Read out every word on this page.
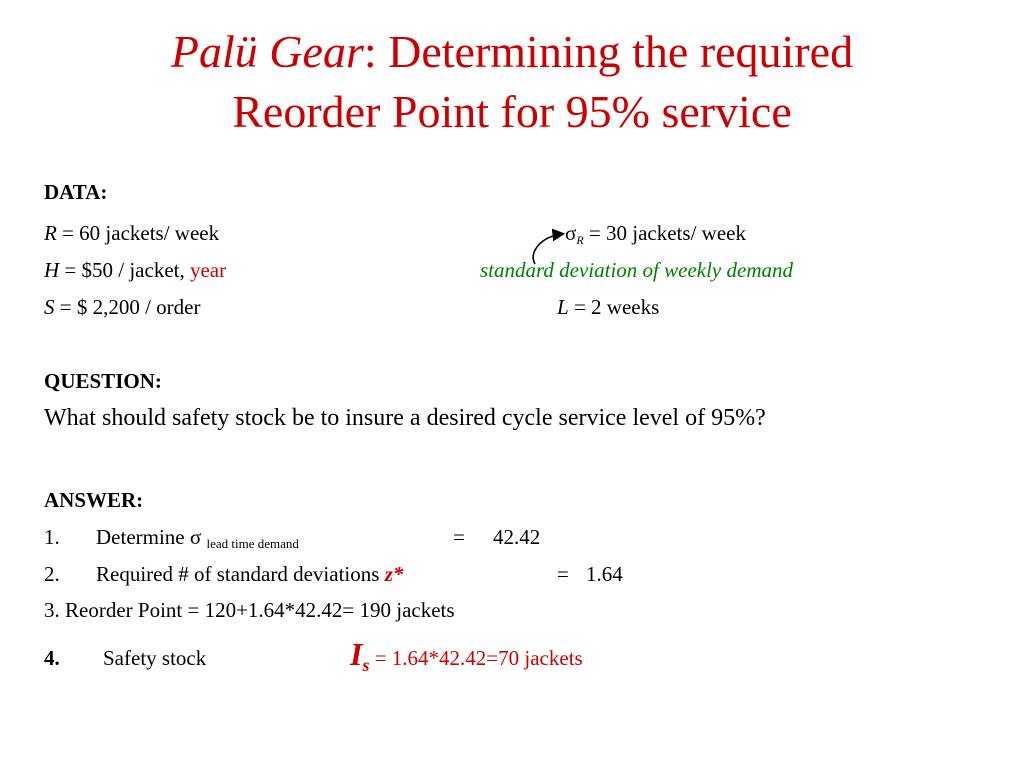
Palü Gear: Determining the required
Reorder Point for 95% service
DATA:
R = 60 jackets/ week	σR = 30 jackets/ week
H = $50 / jacket, year	standard deviation of weekly demand
S = $ 2,200 / order	L = 2 weeks
QUESTION:
What should safety stock be to insure a desired cycle service level of 95%?
ANSWER:
1. Determine σ lead time demand	= 42.42
2. Required # of standard deviations z*	= 1.64
3. Reorder Point = 120+1.64*42.42= 190 jackets
4. Safety stock	Is = 1.64*42.42=70 jackets
